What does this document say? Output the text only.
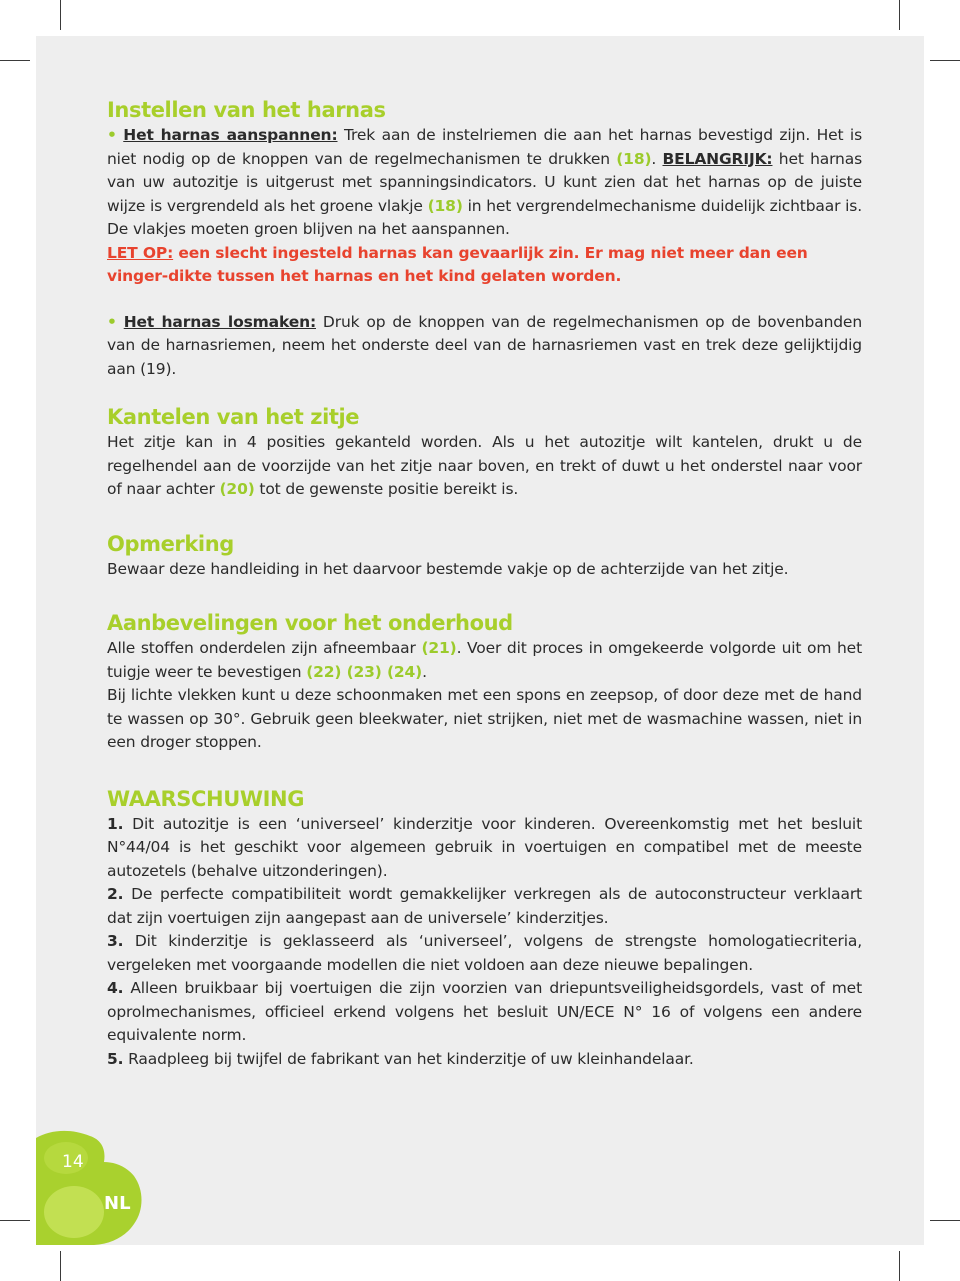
Instellen van het harnas

• Het harnas aanspannen: Trek aan de instelriemen die aan het harnas bevestigd zijn. Het is niet nodig op de knoppen van de regelmechanismen te drukken (18). BELANGRIJK: het harnas van uw autozitje is uitgerust met spanningsindicators. U kunt zien dat het harnas op de juiste wijze is vergrendeld als het groene vlakje (18) in het vergrendelmechanisme duidelijk zichtbaar is. De vlakjes moeten groen blijven na het aanspannen.

LET OP: een slecht ingesteld harnas kan gevaarlijk zin. Er mag niet meer dan een vinger-dikte tussen het harnas en het kind gelaten worden.

• Het harnas losmaken: Druk op de knoppen van de regelmechanismen op de bovenbanden van de harnasriemen, neem het onderste deel van de harnasriemen vast en trek deze gelijktijdig aan (19).

Kantelen van het zitje

Het zitje kan in 4 posities gekanteld worden. Als u het autozitje wilt kantelen, drukt u de regelhendel aan de voorzijde van het zitje naar boven, en trekt of duwt u het onderstel naar voor of naar achter (20) tot de gewenste positie bereikt is.

Opmerking

Bewaar deze handleiding in het daarvoor bestemde vakje op de achterzijde van het zitje.

Aanbevelingen voor het onderhoud

Alle stoffen onderdelen zijn afneembaar (21). Voer dit proces in omgekeerde volgorde uit om het tuigje weer te bevestigen (22) (23) (24).

Bij lichte vlekken kunt u deze schoonmaken met een spons en zeepsop, of door deze met de hand te wassen op 30°. Gebruik geen bleekwater, niet strijken, niet met de wasmachine wassen, niet in een droger stoppen.

WAARSCHUWING

1. Dit autozitje is een ‘universeel’ kinderzitje voor kinderen. Overeenkomstig met het besluit N°44/04 is het geschikt voor algemeen gebruik in voertuigen en compatibel met de meeste autozetels (behalve uitzonderingen).

2. De perfecte compatibiliteit wordt gemakkelijker verkregen als de autoconstructeur verklaart dat zijn voertuigen zijn aangepast aan de universele’ kinderzitjes.

3. Dit kinderzitje is geklasseerd als ‘universeel’, volgens de strengste homologatiecriteria, vergeleken met voorgaande modellen die niet voldoen aan deze nieuwe bepalingen.

4. Alleen bruikbaar bij voertuigen die zijn voorzien van driepuntsveiligheidsgordels, vast of met oprolmechanismes, officieel erkend volgens het besluit UN/ECE N° 16 of volgens een andere equivalente norm.

5. Raadpleeg bij twijfel de fabrikant van het kinderzitje of uw kleinhandelaar.

14
NL
